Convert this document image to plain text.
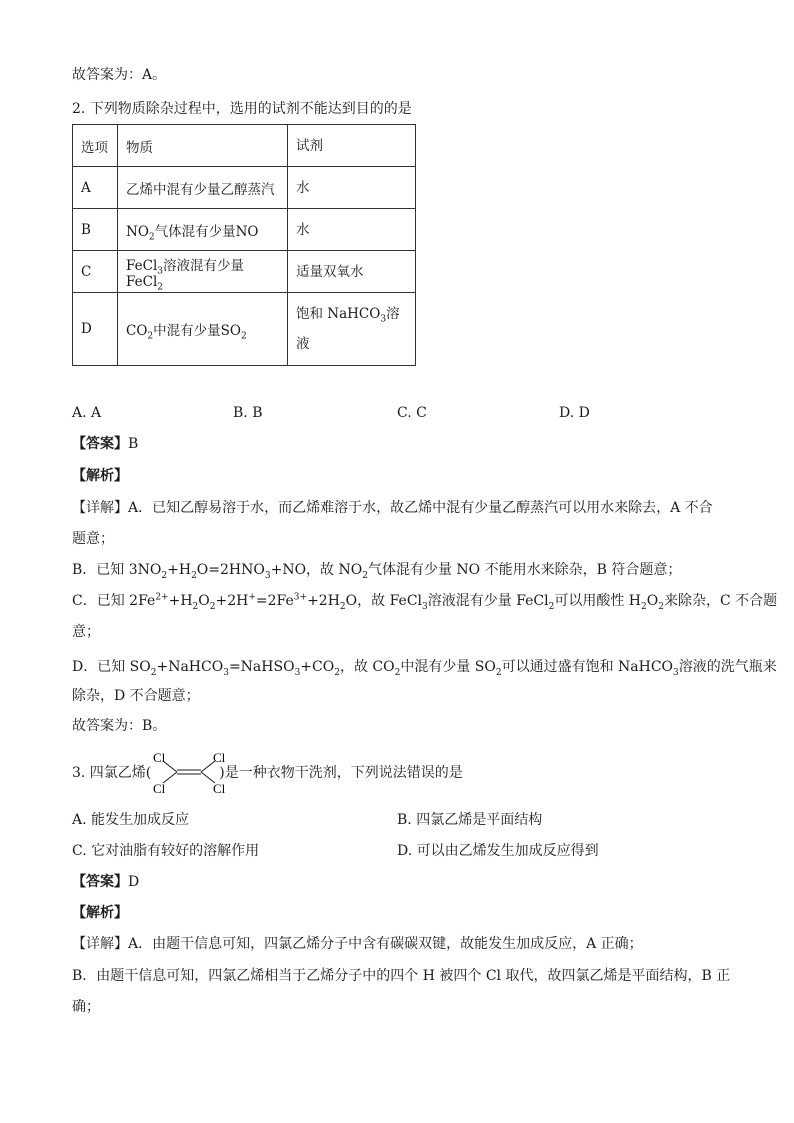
故答案为：A。
2. 下列物质除杂过程中，选用的试剂不能达到目的的是
选项	物质	试剂
A	乙烯中混有少量乙醇蒸汽	水
B	$NO_2$气体混有少量NO	水
C	FeCl$_3$溶液混有少量FeCl$_2$	适量双氧水
D	$CO_2$中混有少量$SO_2$	饱和 NaHCO$_3$溶
液
A. A	B. B	C. C	D. D
【答案】B
【解析】
【详解】A．已知乙醇易溶于水，而乙烯难溶于水，故乙烯中混有少量乙醇蒸汽可以用水来除去，A 不合
题意；
B．已知 $3NO_2+H_2O=2HNO_3+NO$，故 $NO_2$气体混有少量 NO 不能用水来除杂，B 符合题意；
C．已知 $2Fe^{2+}+H_2O_2+2H^+=2Fe^{3+}+2H_2O$，故 FeCl$_3$溶液混有少量 FeCl$_2$可以用酸性 $H_2O_2$来除杂，C 不合题
意；
D．已知 $SO_2+NaHCO_3=NaHSO_3+CO_2$，故 $CO_2$中混有少量 $SO_2$可以通过盛有饱和 NaHCO$_3$溶液的洗气瓶来
除杂，D 不合题意；
故答案为：B。
3. 四氯乙烯(	)是一种衣物干洗剂，下列说法错误的是
Cl
Cl
Cl
Cl
A. 能发生加成反应	B. 四氯乙烯是平面结构
C. 它对油脂有较好的溶解作用	D. 可以由乙烯发生加成反应得到
【答案】D
【解析】
【详解】A．由题干信息可知，四氯乙烯分子中含有碳碳双键，故能发生加成反应，A 正确；
B．由题干信息可知，四氯乙烯相当于乙烯分子中的四个 H 被四个 Cl 取代，故四氯乙烯是平面结构，B 正
确；
